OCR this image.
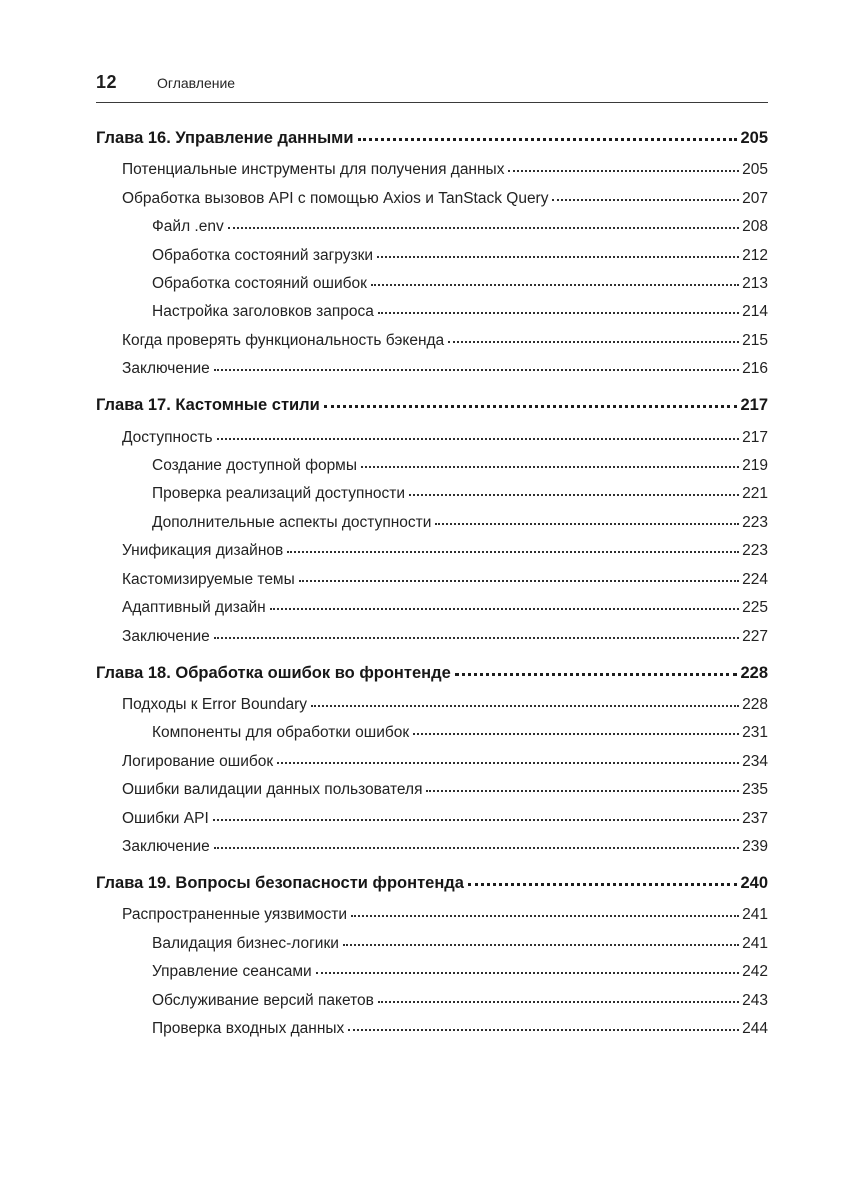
12	Оглавление
Глава 16. Управление данными	205
Потенциальные инструменты для получения данных	205
Обработка вызовов API с помощью Axios и TanStack Query	207
Файл .env	208
Обработка состояний загрузки	212
Обработка состояний ошибок	213
Настройка заголовков запроса	214
Когда проверять функциональность бэкенда	215
Заключение	216
Глава 17. Кастомные стили	217
Доступность	217
Создание доступной формы	219
Проверка реализаций доступности	221
Дополнительные аспекты доступности	223
Унификация дизайнов	223
Кастомизируемые темы	224
Адаптивный дизайн	225
Заключение	227
Глава 18. Обработка ошибок во фронтенде	228
Подходы к Error Boundary	228
Компоненты для обработки ошибок	231
Логирование ошибок	234
Ошибки валидации данных пользователя	235
Ошибки API	237
Заключение	239
Глава 19. Вопросы безопасности фронтенда	240
Распространенные уязвимости	241
Валидация бизнес-логики	241
Управление сеансами	242
Обслуживание версий пакетов	243
Проверка входных данных	244
